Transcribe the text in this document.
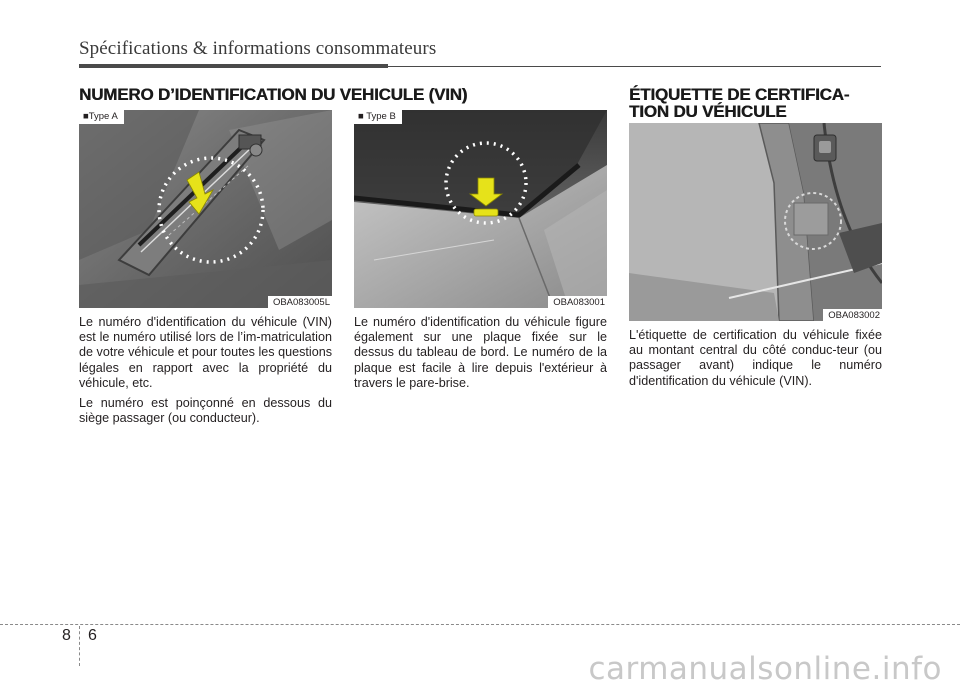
Spécifications & informations consommateurs
NUMERO D’IDENTIFICATION DU VEHICULE (VIN)	ÉTIQUETTE DE CERTIFICA-TION DU VÉHICULE
■Type A
OBA083005L
■ Type B
OBA083001
OBA083002

Le numéro d'identification du véhicule (VIN) est le numéro utilisé lors de l’im-matriculation de votre véhicule et pour toutes les questions légales en rapport avec la propriété du véhicule, etc.

Le numéro est poinçonné en dessous du siège passager (ou conducteur).

Le numéro d'identification du véhicule figure également sur une plaque fixée sur le dessus du tableau de bord. Le numéro de la plaque est facile à lire depuis l'extérieur à travers le pare-brise.

L'étiquette de certification du véhicule fixée au montant central du côté conduc-teur (ou passager avant) indique le numéro d'identification du véhicule (VIN).

8 6
carmanualsonline.info
